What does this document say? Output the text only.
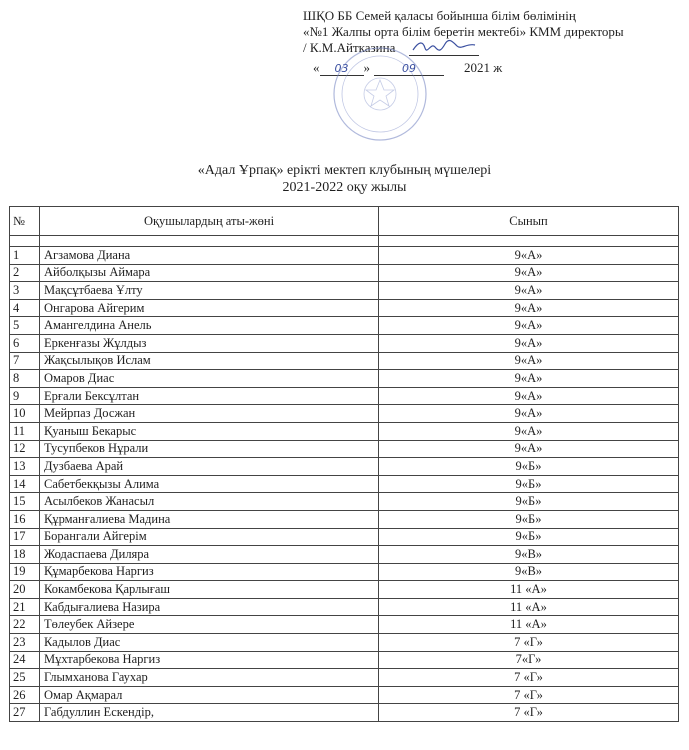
ШҚО ББ Семей қаласы бойынша білім бөлімінің
«№1 Жалпы орта білім беретін мектебі» КММ директоры
/
К.М.Айтказина
«	03	»	09	2021 ж
«Адал Ұрпақ» ерікті мектеп клубының мүшелері
2021-2022 оқу жылы
№	Оқушылардың аты-жөні	Сынып

1	Агзамова Диана	9«А»
2	Айболқызы Аймара	9«А»
3	Мақсұтбаева Ұлту	9«А»
4	Онгарова Айгерим	9«А»
5	Амангелдина Анель	9«А»
6	Еркенғазы Жұлдыз	9«А»
7	Жақсылықов Ислам	9«А»
8	Омаров Диас	9«А»
9	Ерғали Бексұлтан	9«А»
10	Мейрпаз Досжан	9«А»
11	Қуаныш Бекарыс	9«А»
12	Тусупбеков Нұрали	9«А»
13	Дузбаева Арай	9«Б»
14	Сабетбекқызы Алима	9«Б»
15	Асылбеков Жанасыл	9«Б»
16	Құрманғалиева Мадина	9«Б»
17	Борангали Айгерім	9«Б»
18	Жодаспаева Диляра	9«В»
19	Құмарбекова Наргиз	9«В»
20	Кокамбекова Қарлығаш	11 «А»
21	Кабдығалиева Назира	11 «А»
22	Төлеубек Айзере	11 «А»
23	Кадылов Диас	7 «Г»
24	Мұхтарбекова Наргиз	7«Г»
25	Глымханова Гаухар	7 «Г»
26	Омар Ақмарал	7 «Г»
27	Габдуллин Ескендір,	7 «Г»
